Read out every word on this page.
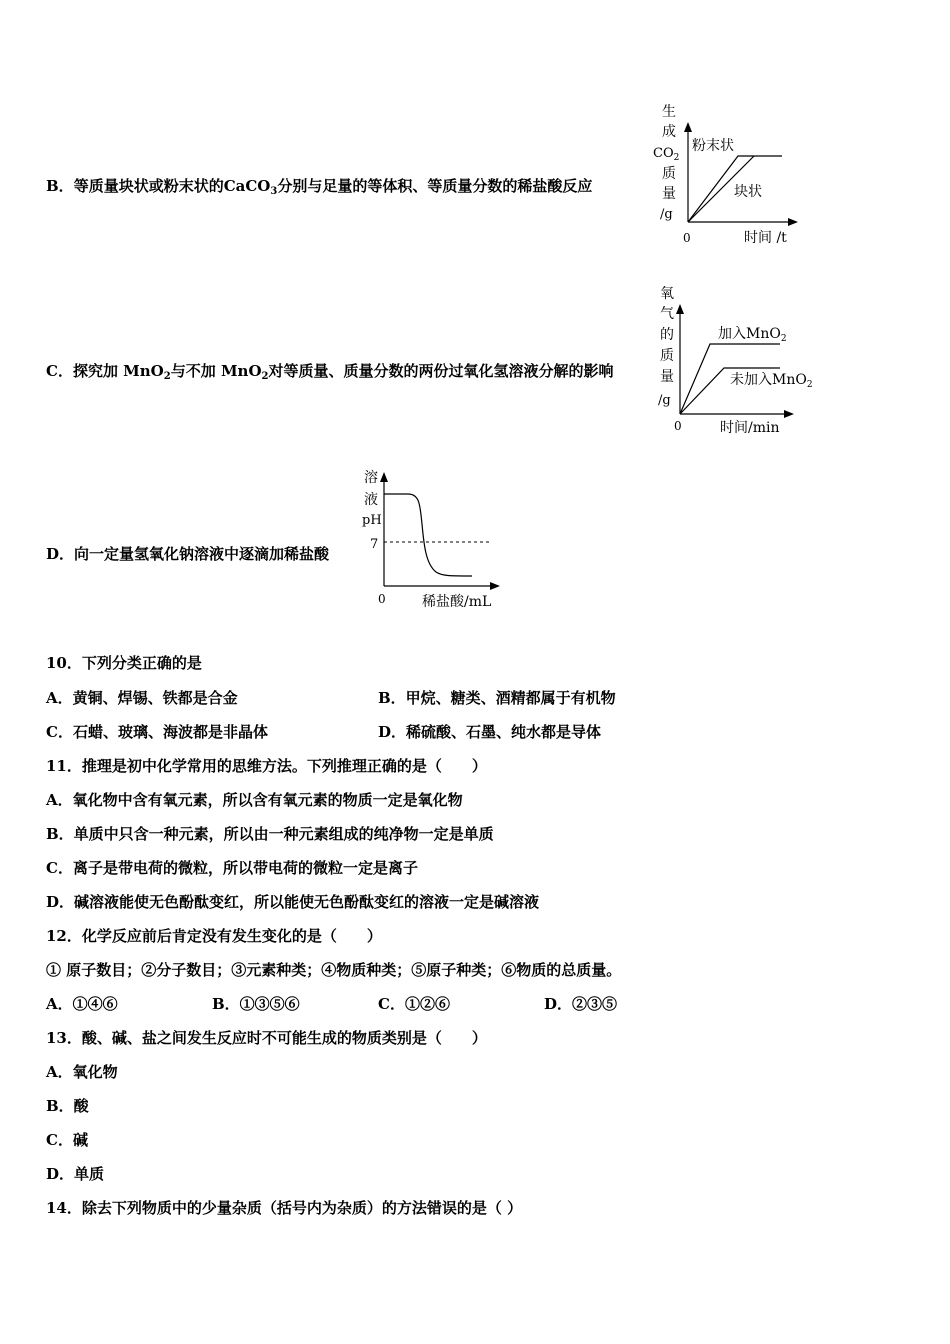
B．等质量块状或粉末状的CaCO$_3$分别与足量的等体积、等质量分数的稀盐酸反应
生
成
$CO_2$
质
量
/g
0	时间 /t
粉末状
块状
C．探究加 MnO$_2$与不加 MnO$_2$对等质量、质量分数的两份过氧化氢溶液分解的影响
氧
气
的
质
量
/g
0	时间/min
加入MnO$_2$
未加入MnO$_2$
D．向一定量氢氧化钠溶液中逐滴加稀盐酸
溶
液
pH
7
0	稀盐酸/mL
10．下列分类正确的是
A．黄铜、焊锡、铁都是合金	B．甲烷、糖类、酒精都属于有机物
C．石蜡、玻璃、海波都是非晶体	D．稀硫酸、石墨、纯水都是导体
11．推理是初中化学常用的思维方法。下列推理正确的是（　　）
A．氧化物中含有氧元素，所以含有氧元素的物质一定是氧化物
B．单质中只含一种元素，所以由一种元素组成的纯净物一定是单质
C．离子是带电荷的微粒，所以带电荷的微粒一定是离子
D．碱溶液能使无色酚酞变红，所以能使无色酚酞变红的溶液一定是碱溶液
12．化学反应前后肯定没有发生变化的是（　　）
① 原子数目；②分子数目；③元素种类；④物质种类；⑤原子种类；⑥物质的总质量。
A．①④⑥	B．①③⑤⑥	C．①②⑥	D．②③⑤
13．酸、碱、盐之间发生反应时不可能生成的物质类别是（　　）
A．氧化物
B．酸
C．碱
D．单质
14．除去下列物质中的少量杂质（括号内为杂质）的方法错误的是（ ）
